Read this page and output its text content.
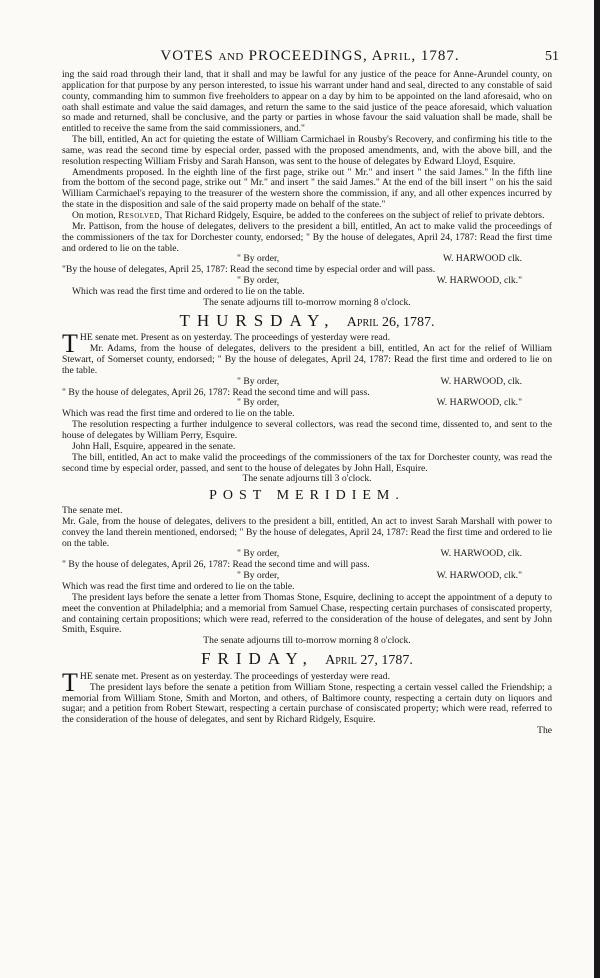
VOTES AND PROCEEDINGS, April, 1787.	51

ing the said road through their land, that it shall and may be lawful for any justice of the peace for Anne-Arundel county, on application for that purpose by any person interested, to issue his warrant under hand and seal, directed to any constable of said county, commanding him to summon five freeholders to appear on a day by him to be appointed on the land aforesaid, who on oath shall estimate and value the said damages, and return the same to the said justice of the peace aforesaid, which valuation so made and returned, shall be conclusive, and the party or parties in whose favour the said valuation shall be made, shall be entitled to receive the same from the said commissioners, and."

The bill, entitled, An act for quieting the estate of William Carmichael in Rousby's Recovery, and confirming his title to the same, was read the second time by especial order, passed with the proposed amendments, and, with the above bill, and the resolution respecting William Frisby and Sarah Hanson, was sent to the house of delegates by Edward Lloyd, Esquire.

Amendments proposed. In the eighth line of the first page, strike out " Mr." and insert " the said James." In the fifth line from the bottom of the second page, strike out " Mr." and insert " the said James." At the end of the bill insert " on his the said William Carmichael's repaying to the treasurer of the western shore the commission, if any, and all other expences incurred by the state in the disposition and sale of the said property made on behalf of the state."

On motion, Resolved, That Richard Ridgely, Esquire, be added to the conferees on the subject of relief to private debtors.

Mr. Pattison, from the house of delegates, delivers to the president a bill, entitled, An act to make valid the proceedings of the commissioners of the tax for Dorchester county, endorsed; " By the house of delegates, April 24, 1787: Read the first time and ordered to lie on the table.

" By order,	W. HARWOOD clk.

"By the house of delegates, April 25, 1787: Read the second time by especial order and will pass.

" By order,	W. HARWOOD, clk."

Which was read the first time and ordered to lie on the table.

The senate adjourns till to-morrow morning 8 o'clock.

THURSDAY, April 26, 1787.

T HE senate met. Present as on yesterday. The proceedings of yesterday were read.

Mr. Adams, from the house of delegates, delivers to the president a bill, entitled, An act for the relief of William Stewart, of Somerset county, endorsed; " By the house of delegates, April 24, 1787: Read the first time and ordered to lie on the table.

" By order,	W. HARWOOD, clk.

" By the house of delegates, April 26, 1787: Read the second time and will pass.

" By order,	W. HARWOOD, clk."

Which was read the first time and ordered to lie on the table.

The resolution respecting a further indulgence to several collectors, was read the second time, dissented to, and sent to the house of delegates by William Perry, Esquire.

John Hall, Esquire, appeared in the senate.

The bill, entitled, An act to make valid the proceedings of the commissioners of the tax for Dorchester county, was read the second time by especial order, passed, and sent to the house of delegates by John Hall, Esquire.

The senate adjourns till 3 o'clock.

POST MERIDIEM.

The senate met.

Mr. Gale, from the house of delegates, delivers to the president a bill, entitled, An act to invest Sarah Marshall with power to convey the land therein mentioned, endorsed; " By the house of delegates, April 24, 1787: Read the first time and ordered to lie on the table.

" By order,	W. HARWOOD, clk.

" By the house of delegates, April 26, 1787: Read the second time and will pass.

" By order,	W. HARWOOD, clk."

Which was read the first time and ordered to lie on the table.

The president lays before the senate a letter from Thomas Stone, Esquire, declining to accept the appointment of a deputy to meet the convention at Philadelphia; and a memorial from Samuel Chase, respecting certain purchases of consiscated property, and containing certain propositions; which were read, referred to the consideration of the house of delegates, and sent by John Smith, Esquire.

The senate adjourns till to-morrow morning 8 o'clock.

FRIDAY, April 27, 1787.

T HE senate met. Present as on yesterday. The proceedings of yesterday were read.

The president lays before the senate a petition from William Stone, respecting a certain vessel called the Friendship; a memorial from William Stone, Smith and Morton, and others, of Baltimore county, respecting a certain duty on liquors and sugar; and a petition from Robert Stewart, respecting a certain purchase of consiscated property; which were read, referred to the consideration of the house of delegates, and sent by Richard Ridgely, Esquire.

The
